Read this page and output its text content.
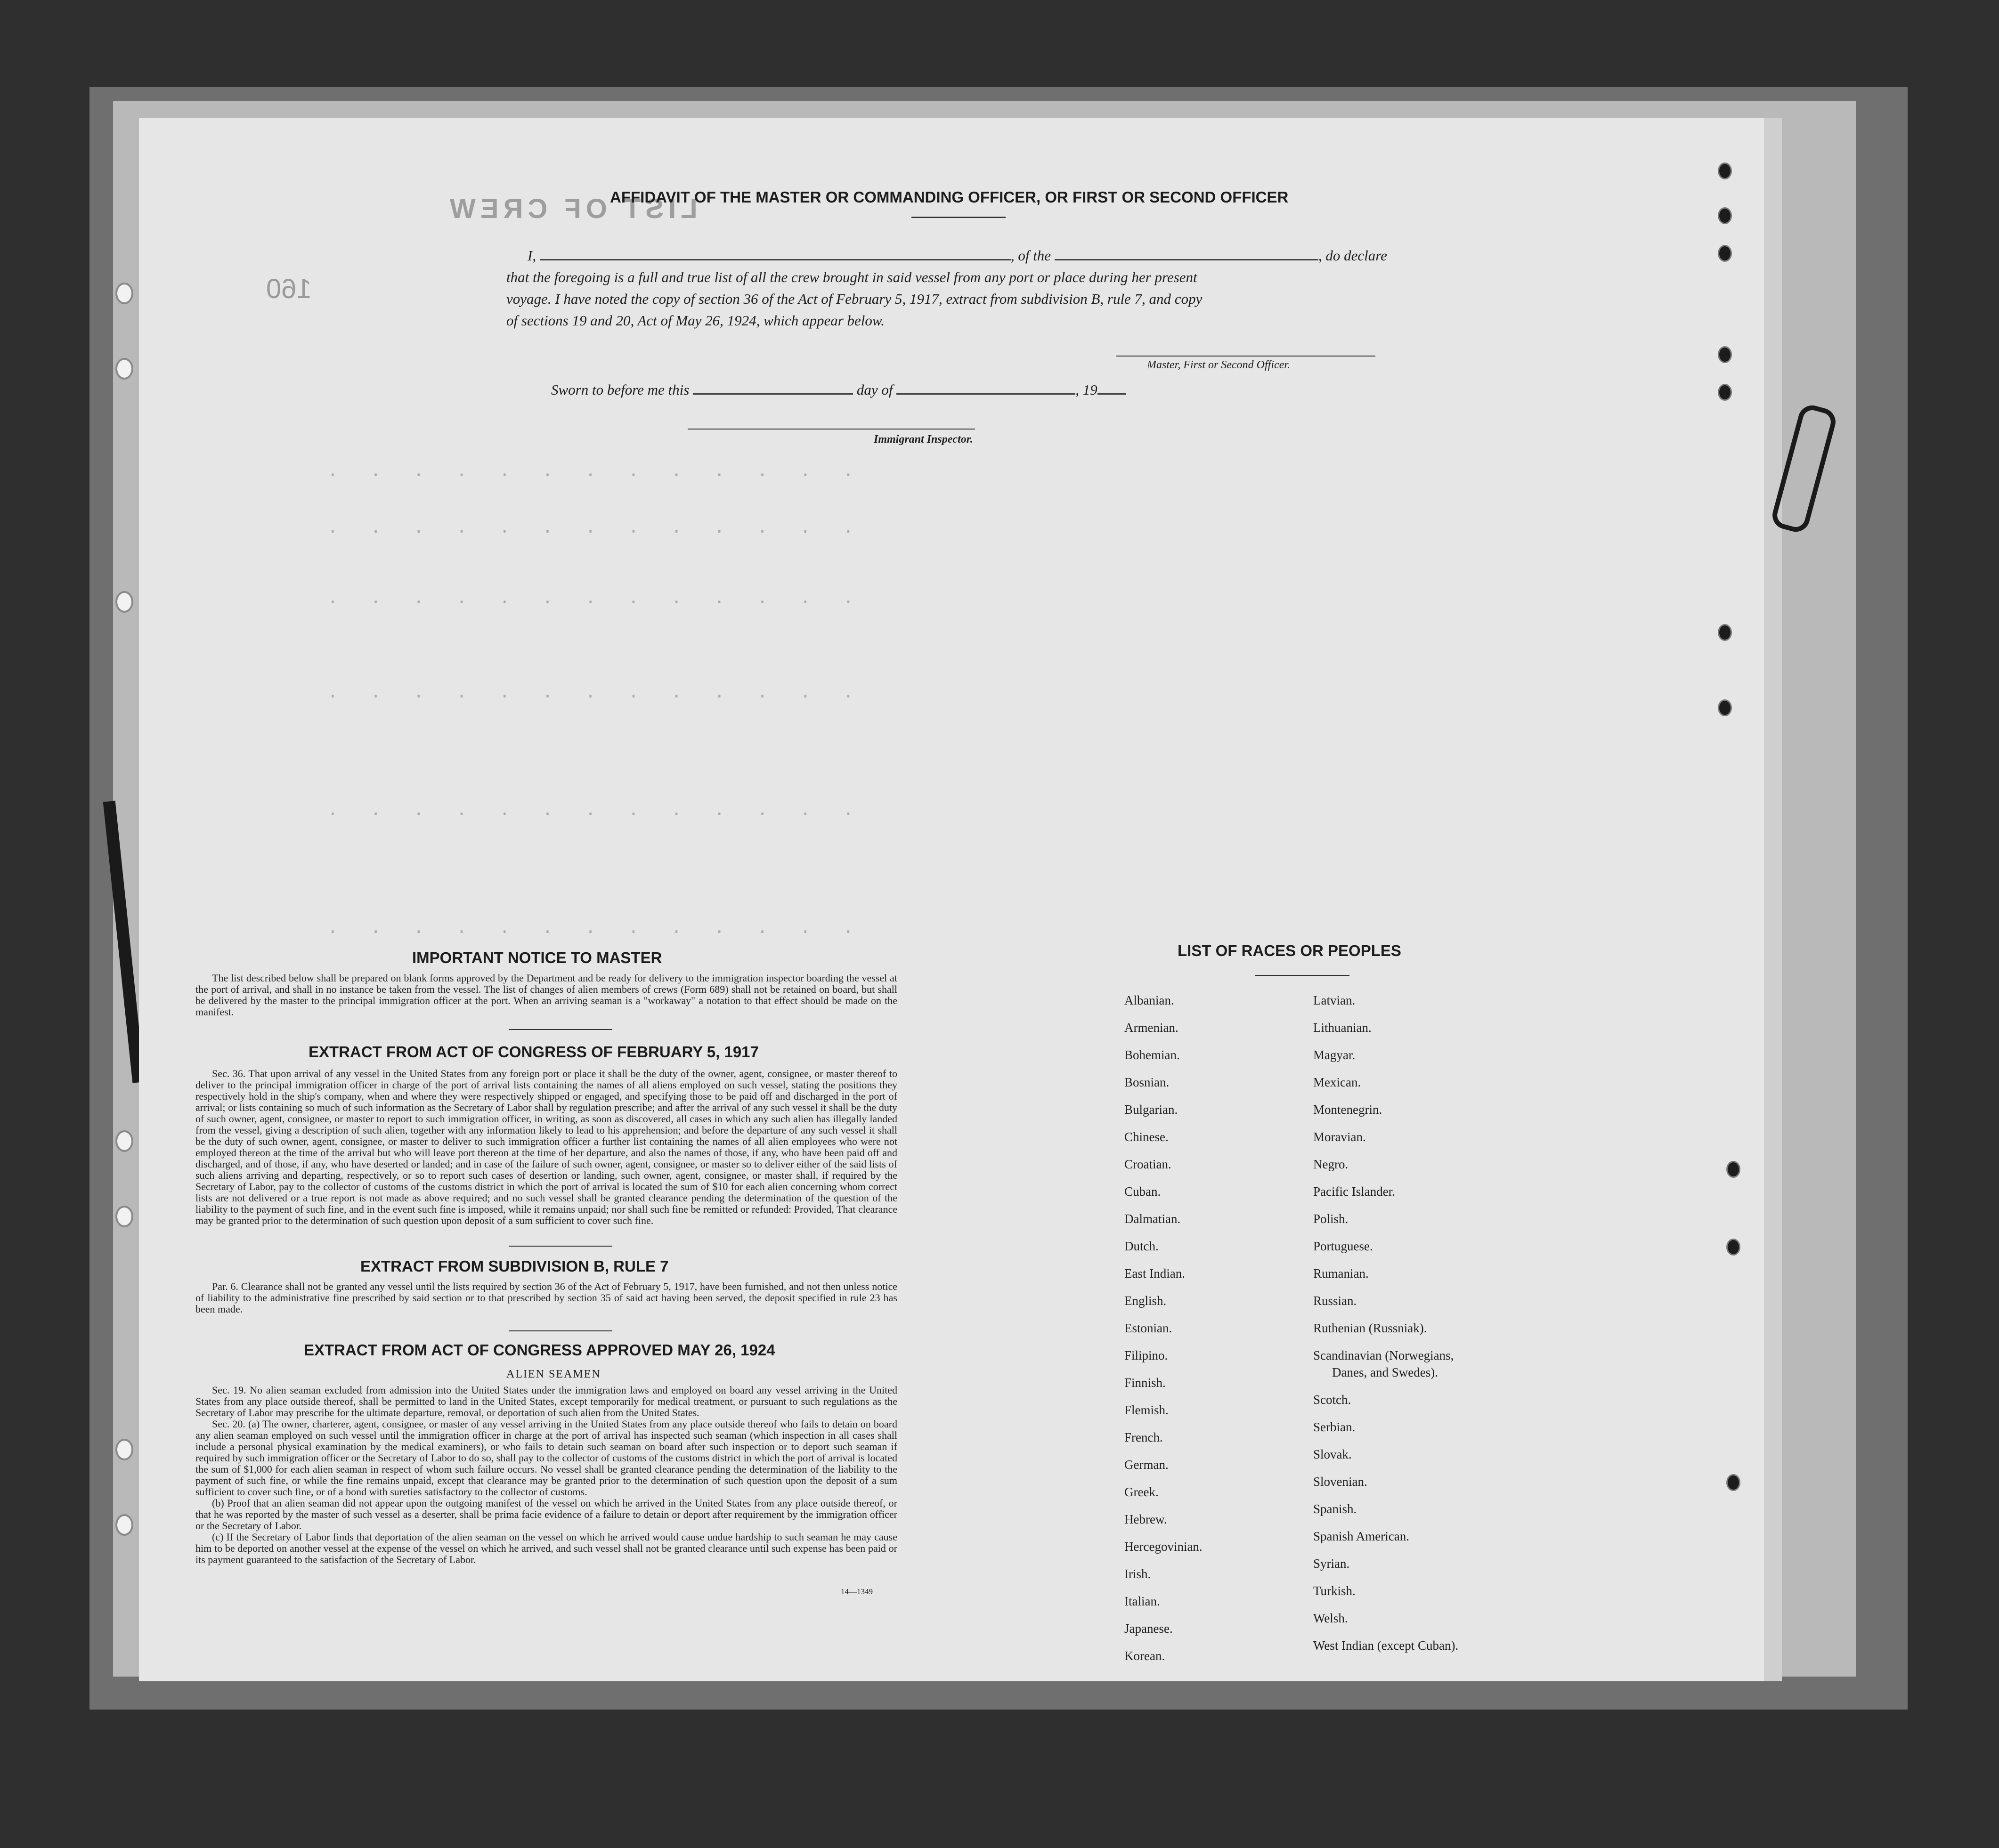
LIST OF CREW
.   .   .   .   .   .   .   .   .   .   .   .   .
.   .   .   .   .   .   .   .   .   .   .   .   .
.   .   .   .   .   .   .   .   .   .   .   .   .
.   .   .   .   .   .   .   .   .   .   .   .   .
.   .   .   .   .   .   .   .   .   .   .   .   .
.   .   .   .   .   .   .   .   .   .   .   .   .
160
AFFIDAVIT OF THE MASTER OR COMMANDING OFFICER, OR FIRST OR SECOND OFFICER
I,	, of the	, do declare
that the foregoing is a full and true list of all the crew brought in said vessel from any port or place during her present
voyage. I have noted the copy of section 36 of the Act of February 5, 1917, extract from subdivision B, rule 7, and copy
of sections 19 and 20, Act of May 26, 1924, which appear below.
Master, First or Second Officer.
Sworn to before me this	day of	, 19
Immigrant Inspector.
IMPORTANT NOTICE TO MASTER
The list described below shall be prepared on blank forms approved by the Department and be ready for delivery to the immigration inspector boarding the vessel at the port of arrival, and shall in no instance be taken from the vessel. The list of changes of alien members of crews (Form 689) shall not be retained on board, but shall be delivered by the master to the principal immigration officer at the port. When an arriving seaman is a "workaway" a notation to that effect should be made on the manifest.
EXTRACT FROM ACT OF CONGRESS OF FEBRUARY 5, 1917
Sec. 36. That upon arrival of any vessel in the United States from any foreign port or place it shall be the duty of the owner, agent, consignee, or master thereof to deliver to the principal immigration officer in charge of the port of arrival lists containing the names of all aliens employed on such vessel, stating the positions they respectively hold in the ship's company, when and where they were respectively shipped or engaged, and specifying those to be paid off and discharged in the port of arrival; or lists containing so much of such information as the Secretary of Labor shall by regulation prescribe; and after the arrival of any such vessel it shall be the duty of such owner, agent, consignee, or master to report to such immigration officer, in writing, as soon as discovered, all cases in which any such alien has illegally landed from the vessel, giving a description of such alien, together with any information likely to lead to his apprehension; and before the departure of any such vessel it shall be the duty of such owner, agent, consignee, or master to deliver to such immigration officer a further list containing the names of all alien employees who were not employed thereon at the time of the arrival but who will leave port thereon at the time of her departure, and also the names of those, if any, who have been paid off and discharged, and of those, if any, who have deserted or landed; and in case of the failure of such owner, agent, consignee, or master so to deliver either of the said lists of such aliens arriving and departing, respectively, or so to report such cases of desertion or landing, such owner, agent, consignee, or master shall, if required by the Secretary of Labor, pay to the collector of customs of the customs district in which the port of arrival is located the sum of $10 for each alien concerning whom correct lists are not delivered or a true report is not made as above required; and no such vessel shall be granted clearance pending the determination of the question of the liability to the payment of such fine, and in the event such fine is imposed, while it remains unpaid; nor shall such fine be remitted or refunded: Provided, That clearance may be granted prior to the determination of such question upon deposit of a sum sufficient to cover such fine.
EXTRACT FROM SUBDIVISION B, RULE 7
Par. 6. Clearance shall not be granted any vessel until the lists required by section 36 of the Act of February 5, 1917, have been furnished, and not then unless notice of liability to the administrative fine prescribed by said section or to that prescribed by section 35 of said act having been served, the deposit specified in rule 23 has been made.
EXTRACT FROM ACT OF CONGRESS APPROVED MAY 26, 1924
ALIEN SEAMEN
Sec. 19. No alien seaman excluded from admission into the United States under the immigration laws and employed on board any vessel arriving in the United States from any place outside thereof, shall be permitted to land in the United States, except temporarily for medical treatment, or pursuant to such regulations as the Secretary of Labor may prescribe for the ultimate departure, removal, or deportation of such alien from the United States.
Sec. 20. (a) The owner, charterer, agent, consignee, or master of any vessel arriving in the United States from any place outside thereof who fails to detain on board any alien seaman employed on such vessel until the immigration officer in charge at the port of arrival has inspected such seaman (which inspection in all cases shall include a personal physical examination by the medical examiners), or who fails to detain such seaman on board after such inspection or to deport such seaman if required by such immigration officer or the Secretary of Labor to do so, shall pay to the collector of customs of the customs district in which the port of arrival is located the sum of $1,000 for each alien seaman in respect of whom such failure occurs. No vessel shall be granted clearance pending the determination of the liability to the payment of such fine, or while the fine remains unpaid, except that clearance may be granted prior to the determination of such question upon the deposit of a sum sufficient to cover such fine, or of a bond with sureties satisfactory to the collector of customs.
(b) Proof that an alien seaman did not appear upon the outgoing manifest of the vessel on which he arrived in the United States from any place outside thereof, or that he was reported by the master of such vessel as a deserter, shall be prima facie evidence of a failure to detain or deport after requirement by the immigration officer or the Secretary of Labor.
(c) If the Secretary of Labor finds that deportation of the alien seaman on the vessel on which he arrived would cause undue hardship to such seaman he may cause him to be deported on another vessel at the expense of the vessel on which he arrived, and such vessel shall not be granted clearance until such expense has been paid or its payment guaranteed to the satisfaction of the Secretary of Labor.
14—1349
LIST OF RACES OR PEOPLES
Albanian.
Armenian.
Bohemian.
Bosnian.
Bulgarian.
Chinese.
Croatian.
Cuban.
Dalmatian.
Dutch.
East Indian.
English.
Estonian.
Filipino.
Finnish.
Flemish.
French.
German.
Greek.
Hebrew.
Hercegovinian.
Irish.
Italian.
Japanese.
Korean.
Latvian.
Lithuanian.
Magyar.
Mexican.
Montenegrin.
Moravian.
Negro.
Pacific Islander.
Polish.
Portuguese.
Rumanian.
Russian.
Ruthenian (Russniak).
Scandinavian (Norwegians,
Danes, and Swedes).
Scotch.
Serbian.
Slovak.
Slovenian.
Spanish.
Spanish American.
Syrian.
Turkish.
Welsh.
West Indian (except Cuban).
